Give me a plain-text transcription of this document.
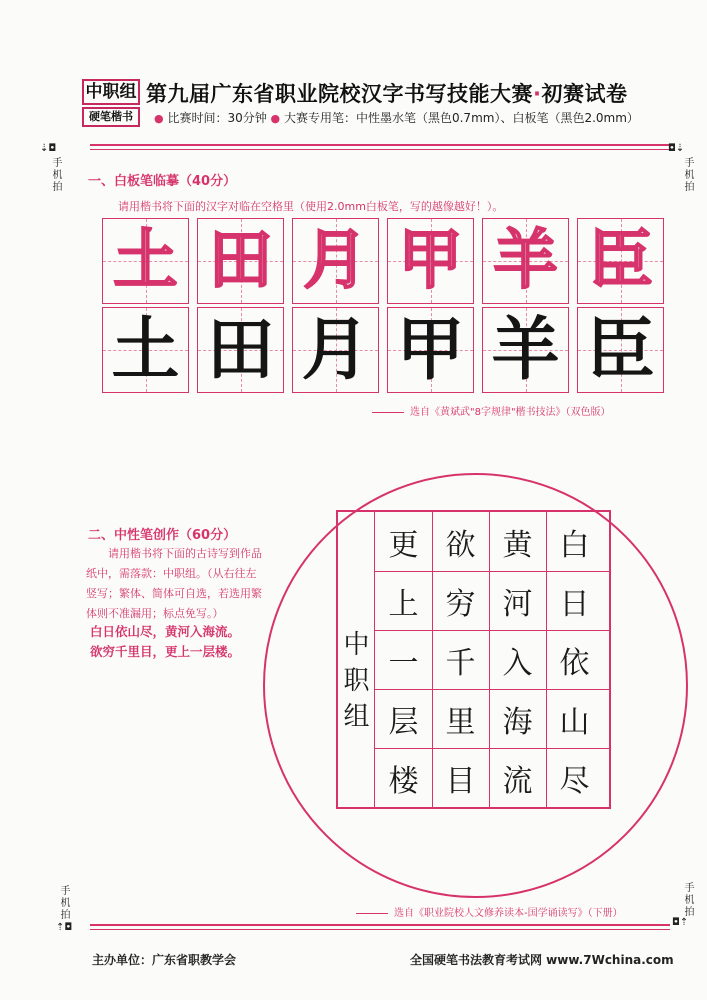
中职组
硬笔楷书
第九届广东省职业院校汉字书写技能大赛·初赛试卷
● 比赛时间：30分钟 ● 大赛专用笔：中性墨水笔（黑色0.7mm）、白板笔（黑色2.0mm）
⇣◘
手机拍
◘⇣
手机拍
手机拍
⇡◘
手机拍
◘⇡
一、白板笔临摹（40分）
请用楷书将下面的汉字对临在空格里（使用2.0mm白板笔，写的越像越好！）。
土 田 月 甲 羊 臣
土 田 月 甲 羊 臣
选自《黄斌武"8字规律"楷书技法》（双色版）
二、中性笔创作（60分）
请用楷书将下面的古诗写到作品纸中，需落款：中职组。（从右往左竖写；繁体、简体可自选，若选用繁体则不准漏用；标点免写。）
白日依山尽，黄河入海流。
欲穷千里目，更上一层楼。	中
职
组
更
上
一
层
楼
欲
穷
千
里
目
黄
河
入
海
流
白
日
依
山
尽
选自《职业院校人文修养读本-国学诵读写》（下册）
主办单位：广东省职教学会	全国硬笔书法教育考试网 www.7Wchina.com
